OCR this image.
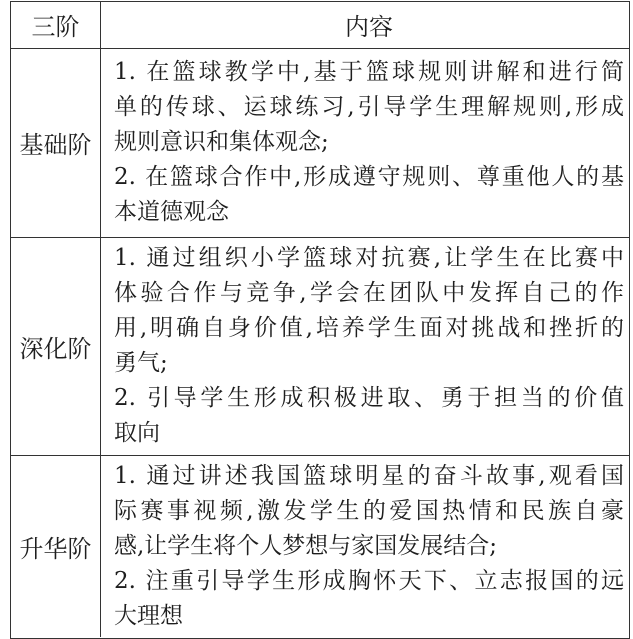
三阶	内容
基础阶
1. 在篮球教学中,基于篮球规则讲解和进行简
单的传球、运球练习,引导学生理解规则,形成
规则意识和集体观念;
2. 在篮球合作中,形成遵守规则、尊重他人的基
本道德观念
深化阶
1. 通过组织小学篮球对抗赛,让学生在比赛中
体验合作与竞争,学会在团队中发挥自己的作
用,明确自身价值,培养学生面对挑战和挫折的
勇气;
2. 引导学生形成积极进取、勇于担当的价值
取向
升华阶
1. 通过讲述我国篮球明星的奋斗故事,观看国
际赛事视频,激发学生的爱国热情和民族自豪
感,让学生将个人梦想与家国发展结合;
2. 注重引导学生形成胸怀天下、立志报国的远
大理想
